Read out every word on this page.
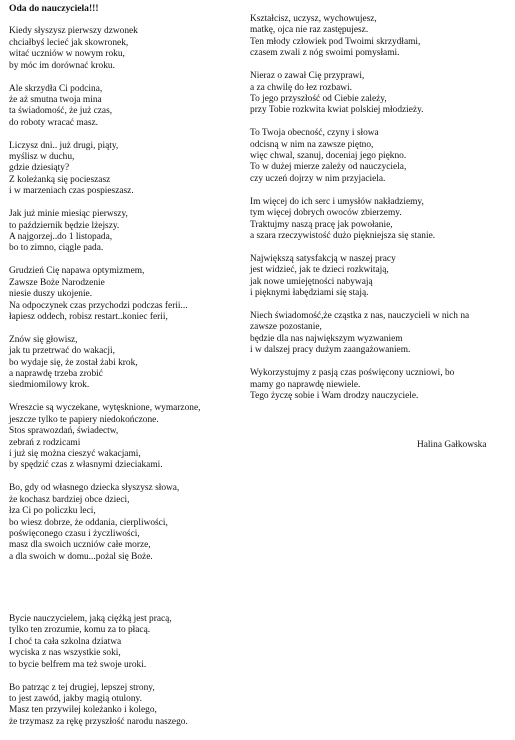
Oda do nauczyciela!!!
Kiedy słyszysz pierwszy dzwonek
chciałbyś lecieć jak skowronek,
witać uczniów w nowym roku,
by móc im dorównać kroku.
Ale skrzydła Ci podcina,
że aż smutna twoja mina
ta świadomość, że już czas,
do roboty wracać masz.
Liczysz dni.. już drugi, piąty,
myślisz w duchu,
gdzie dziesiąty?
Z koleżanką się pocieszasz
i w marzeniach czas pospieszasz.
Jak już minie miesiąc pierwszy,
to październik będzie lżejszy.
A najgorzej..do 1 listopada,
bo to zimno, ciągle pada.
Grudzień Cię napawa optymizmem,
Zawsze Boże Narodzenie
niesie duszy ukojenie.
Na odpoczynek czas przychodzi podczas ferii...
łapiesz oddech, robisz restart..koniec ferii,
Znów się głowisz,
jak tu przetrwać do wakacji,
bo wydaje się, że został żabi krok,
a naprawdę trzeba zrobić
siedmiomilowy krok.
Wreszcie są wyczekane, wytęsknione, wymarzone,
jeszcze tylko te papiery niedokończone.
Stos sprawozdań, świadectw,
zebrań z rodzicami
i już się można cieszyć wakacjami,
by spędzić czas z własnymi dzieciakami.
Bo, gdy od własnego dziecka słyszysz słowa,
że kochasz bardziej obce dzieci,
łza Ci po policzku leci,
bo wiesz dobrze, że oddania, cierpliwości,
poświęconego czasu i życzliwości,
masz dla swoich uczniów całe morze,
a dla swoich w domu...pożal się Boże.
Bycie nauczycielem, jaką ciężką jest pracą,
tylko ten zrozumie, komu za to płacą.
I choć ta cała szkolna dziatwa
wyciska z nas wszystkie soki,
to bycie belfrem ma też swoje uroki.
Bo patrząc z tej drugiej, lepszej strony,
to jest zawód, jakby magią otulony.
Masz ten przywilej koleżanko i kolego,
że trzymasz za rękę przyszłość narodu naszego.
Kształcisz, uczysz, wychowujesz,
matkę, ojca nie raz zastępujesz.
Ten młody człowiek pod Twoimi skrzydłami,
czasem zwali z nóg swoimi pomysłami.
Nieraz o zawał Cię przyprawi,
a za chwilę do łez rozbawi.
To jego przyszłość od Ciebie zależy,
przy Tobie rozkwita kwiat polskiej młodzieży.
To Twoja obecność, czyny i słowa
odcisną w nim na zawsze piętno,
więc chwal, szanuj, doceniaj jego piękno.
To w dużej mierze zależy od nauczyciela,
czy uczeń dojrzy w nim przyjaciela.
Im więcej do ich serc i umysłów nakładziemy,
tym więcej dobrych owoców zbierzemy.
Traktujmy naszą pracę jak powołanie,
a szara rzeczywistość dużo piękniejsza się stanie.
Największą satysfakcją w naszej pracy
jest widzieć, jak te dzieci rozkwitają,
jak nowe umiejętności nabywają
i pięknymi łabędziami się stają.
Niech świadomość,że cząstka z nas, nauczycieli w nich na
zawsze pozostanie,
będzie dla nas największym wyzwaniem
i w dalszej pracy dużym zaangażowaniem.
Wykorzystujmy z pasją czas poświęcony uczniowi, bo
mamy go naprawdę niewiele.
Tego życzę sobie i Wam drodzy nauczyciele.
Halina Gałkowska
